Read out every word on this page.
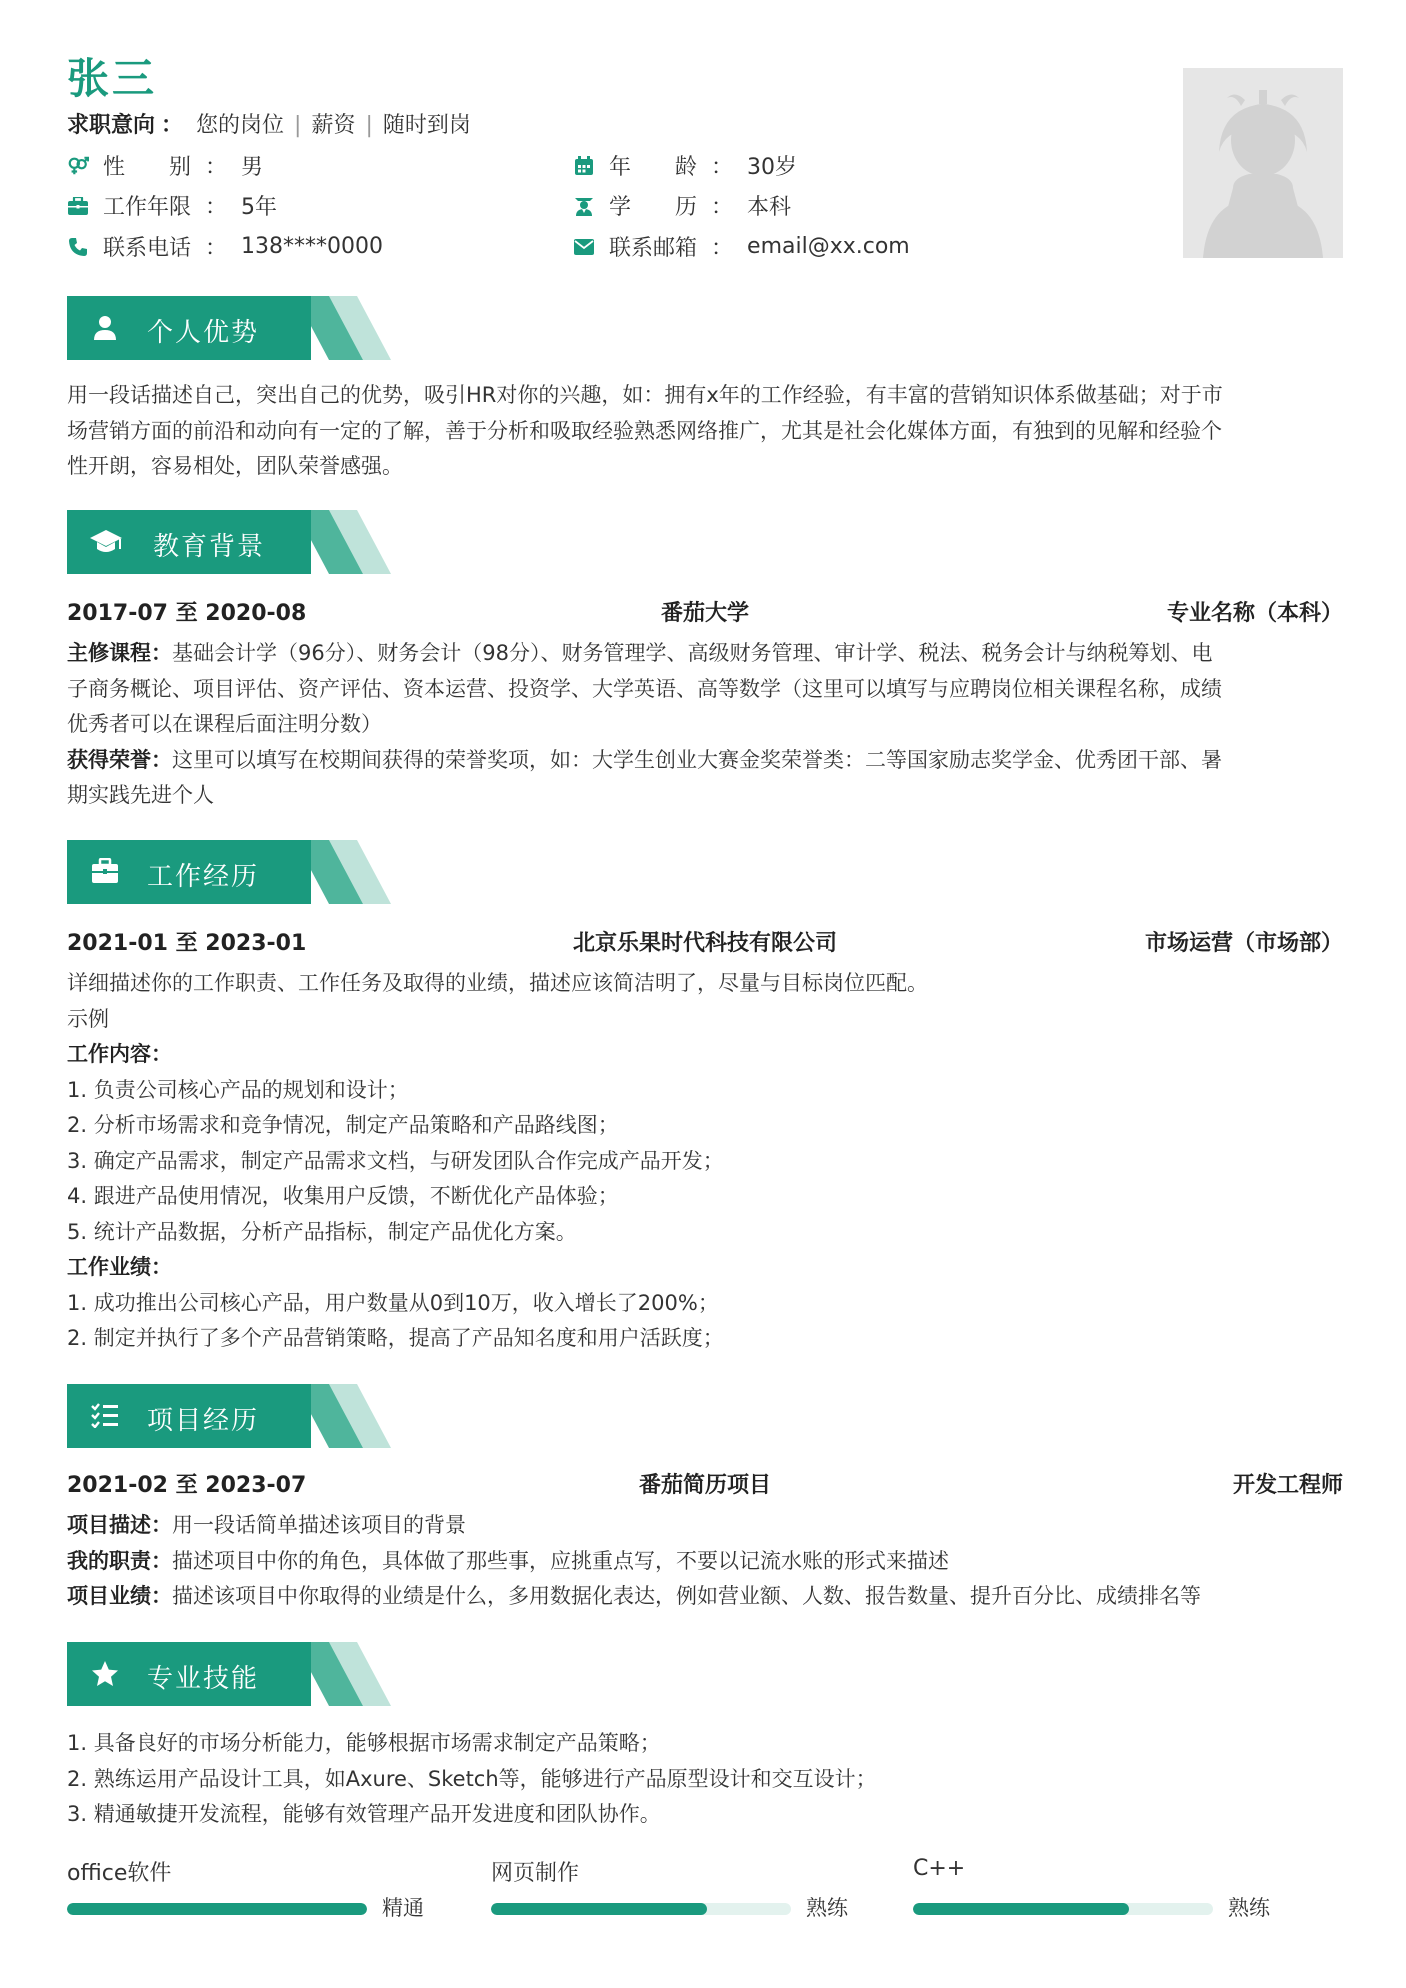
张三
求职意向 ： 您的岗位 | 薪资 | 随时到岗
性　　别 ： 男	年　　龄 ： 30岁
工作年限 ： 5年	学　　历 ： 本科
联系电话 ： 138****0000	联系邮箱 ： email@xx.com
个人优势
用一段话描述自己，突出自己的优势，吸引HR对你的兴趣，如：拥有x年的工作经验，有丰富的营销知识体系做基础；对于市
场营销方面的前沿和动向有一定的了解，善于分析和吸取经验熟悉网络推广，尤其是社会化媒体方面，有独到的见解和经验个
性开朗，容易相处，团队荣誉感强。
教育背景
2017-07 至 2020-08	番茄大学	专业名称（本科）
主修课程：基础会计学（96分）、财务会计（98分）、财务管理学、高级财务管理、审计学、税法、税务会计与纳税筹划、电
子商务概论、项目评估、资产评估、资本运营、投资学、大学英语、高等数学（这里可以填写与应聘岗位相关课程名称，成绩
优秀者可以在课程后面注明分数）
获得荣誉：这里可以填写在校期间获得的荣誉奖项，如：大学生创业大赛金奖荣誉类：二等国家励志奖学金、优秀团干部、暑
期实践先进个人
工作经历
2021-01 至 2023-01	北京乐果时代科技有限公司	市场运营（市场部）
详细描述你的工作职责、工作任务及取得的业绩，描述应该简洁明了，尽量与目标岗位匹配。
示例
工作内容：
1. 负责公司核心产品的规划和设计；
2. 分析市场需求和竞争情况，制定产品策略和产品路线图；
3. 确定产品需求，制定产品需求文档，与研发团队合作完成产品开发；
4. 跟进产品使用情况，收集用户反馈，不断优化产品体验；
5. 统计产品数据，分析产品指标，制定产品优化方案。
工作业绩：
1. 成功推出公司核心产品，用户数量从0到10万，收入增长了200%；
2. 制定并执行了多个产品营销策略，提高了产品知名度和用户活跃度；
项目经历
2021-02 至 2023-07	番茄简历项目	开发工程师
项目描述：用一段话简单描述该项目的背景
我的职责：描述项目中你的角色，具体做了那些事，应挑重点写，不要以记流水账的形式来描述
项目业绩：描述该项目中你取得的业绩是什么，多用数据化表达，例如营业额、人数、报告数量、提升百分比、成绩排名等
专业技能
1. 具备良好的市场分析能力，能够根据市场需求制定产品策略；
2. 熟练运用产品设计工具，如Axure、Sketch等，能够进行产品原型设计和交互设计；
3. 精通敏捷开发流程，能够有效管理产品开发进度和团队协作。
office软件
精通
网页制作
熟练
C++
熟练
